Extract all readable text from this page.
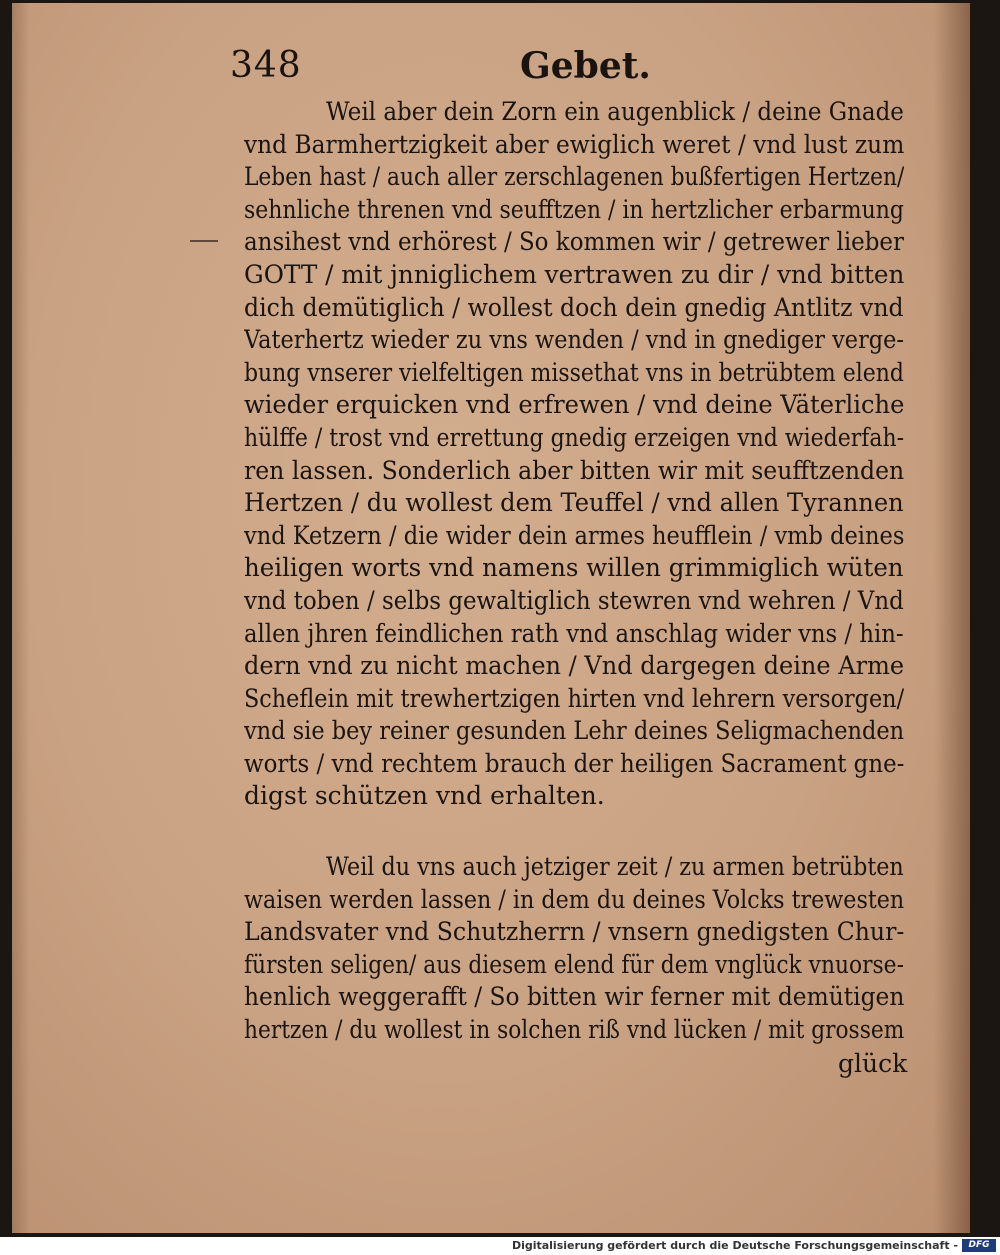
348	Gebet.
Weil aber dein Zorn ein augenblick / deine Gnade
vnd Barmhertzigkeit aber ewiglich weret / vnd lust zum
Leben hast / auch aller zerschlagenen bußfertigen Hertzen/
sehnliche threnen vnd seufftzen / in hertzlicher erbarmung
ansihest vnd erhörest / So kommen wir / getrewer lieber
GOTT / mit jnniglichem vertrawen zu dir / vnd bitten
dich demütiglich / wollest doch dein gnedig Antlitz vnd
Vaterhertz wieder zu vns wenden / vnd in gnediger verge-
bung vnserer vielfeltigen missethat vns in betrübtem elend
wieder erquicken vnd erfrewen / vnd deine Väterliche
hülffe / trost vnd errettung gnedig erzeigen vnd wiederfah-
ren lassen. Sonderlich aber bitten wir mit seufftzenden
Hertzen / du wollest dem Teuffel / vnd allen Tyrannen
vnd Ketzern / die wider dein armes heufflein / vmb deines
heiligen worts vnd namens willen grimmiglich wüten
vnd toben / selbs gewaltiglich stewren vnd wehren / Vnd
allen jhren feindlichen rath vnd anschlag wider vns / hin-
dern vnd zu nicht machen / Vnd dargegen deine Arme
Scheflein mit trewhertzigen hirten vnd lehrern versorgen/
vnd sie bey reiner gesunden Lehr deines Seligmachenden
worts / vnd rechtem brauch der heiligen Sacrament gne-
digst schützen vnd erhalten.
Weil du vns auch jetziger zeit / zu armen betrübten
waisen werden lassen / in dem du deines Volcks trewesten
Landsvater vnd Schutzherrn / vnsern gnedigsten Chur-
fürsten seligen/ aus diesem elend für dem vnglück vnuorse-
henlich weggerafft / So bitten wir ferner mit demütigen
hertzen / du wollest in solchen riß vnd lücken / mit grossem
glück
Digitalisierung gefördert durch die Deutsche Forschungsgemeinschaft -	DFG
